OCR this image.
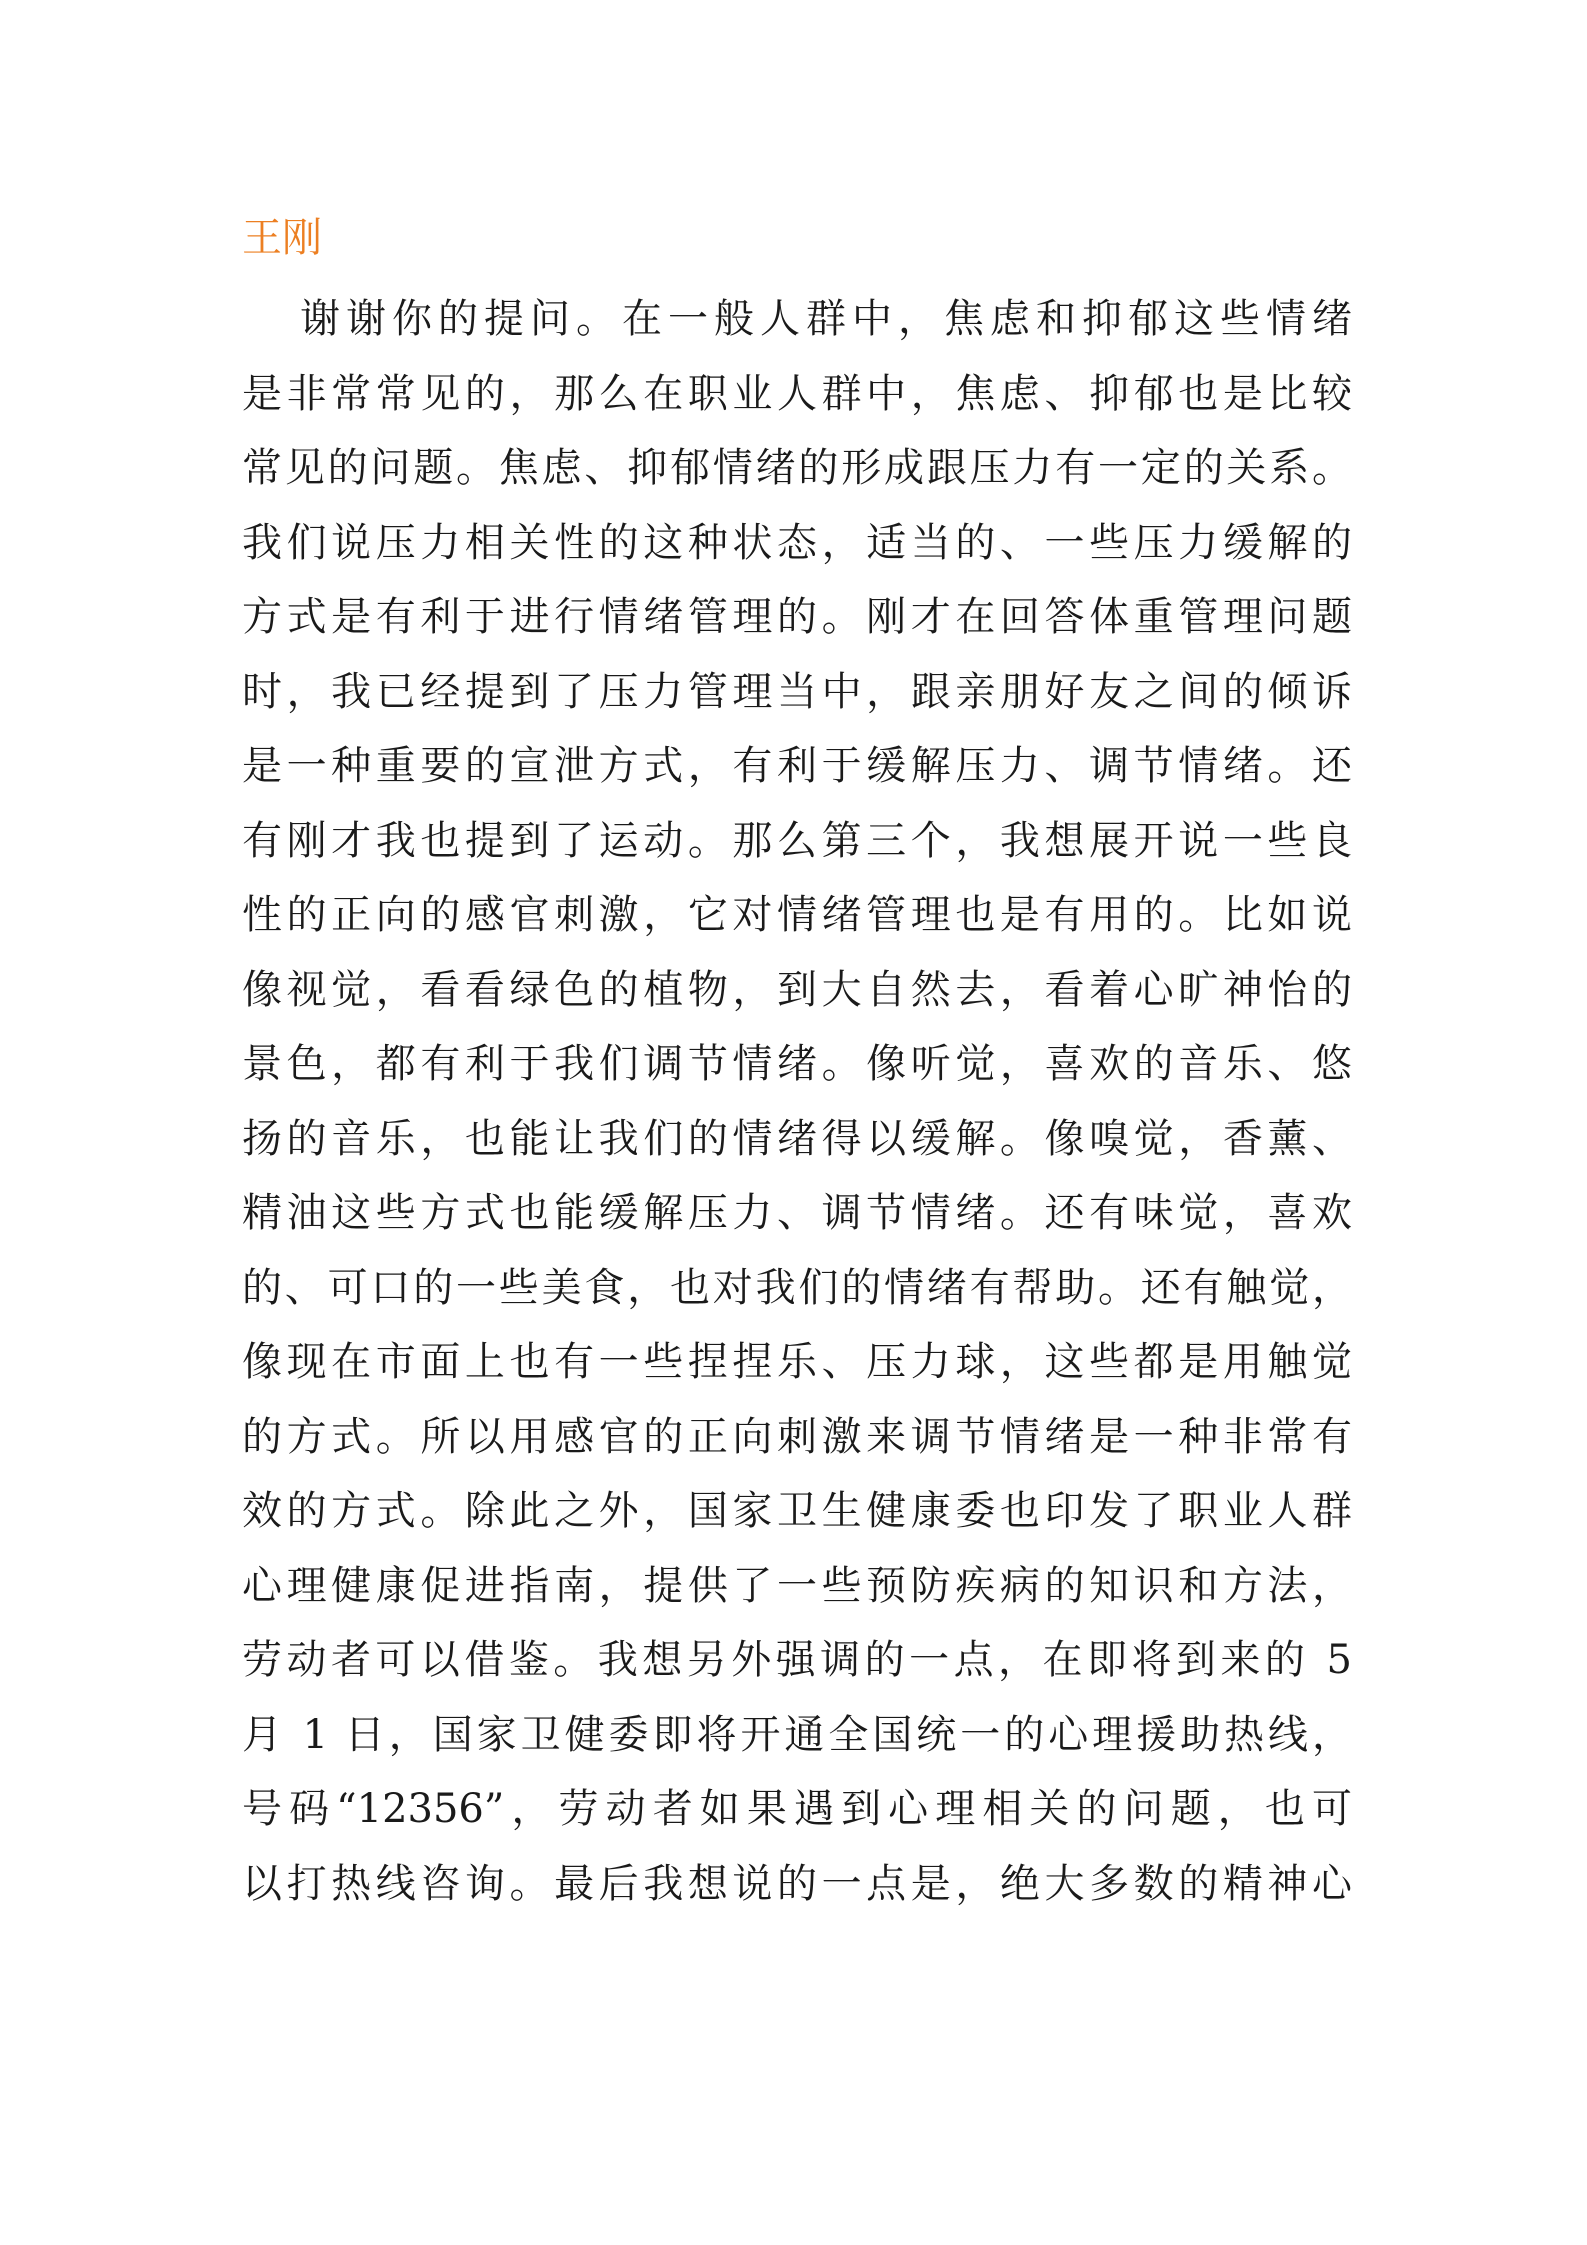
王刚
谢谢你的提问。在一般人群中，焦虑和抑郁这些情绪
是非常常见的，那么在职业人群中，焦虑、抑郁也是比较
常见的问题。焦虑、抑郁情绪的形成跟压力有一定的关系。
我们说压力相关性的这种状态，适当的、一些压力缓解的
方式是有利于进行情绪管理的。刚才在回答体重管理问题
时，我已经提到了压力管理当中，跟亲朋好友之间的倾诉
是一种重要的宣泄方式，有利于缓解压力、调节情绪。还
有刚才我也提到了运动。那么第三个，我想展开说一些良
性的正向的感官刺激，它对情绪管理也是有用的。比如说
像视觉，看看绿色的植物，到大自然去，看着心旷神怡的
景色，都有利于我们调节情绪。像听觉，喜欢的音乐、悠
扬的音乐，也能让我们的情绪得以缓解。像嗅觉，香薰、
精油这些方式也能缓解压力、调节情绪。还有味觉，喜欢
的、可口的一些美食，也对我们的情绪有帮助。还有触觉，
像现在市面上也有一些捏捏乐、压力球，这些都是用触觉
的方式。所以用感官的正向刺激来调节情绪是一种非常有
效的方式。除此之外，国家卫生健康委也印发了职业人群
心理健康促进指南，提供了一些预防疾病的知识和方法，
劳动者可以借鉴。我想另外强调的一点，在即将到来的 5
月 1 日，国家卫健委即将开通全国统一的心理援助热线，
号码“12356”，劳动者如果遇到心理相关的问题，也可
以打热线咨询。最后我想说的一点是，绝大多数的精神心
